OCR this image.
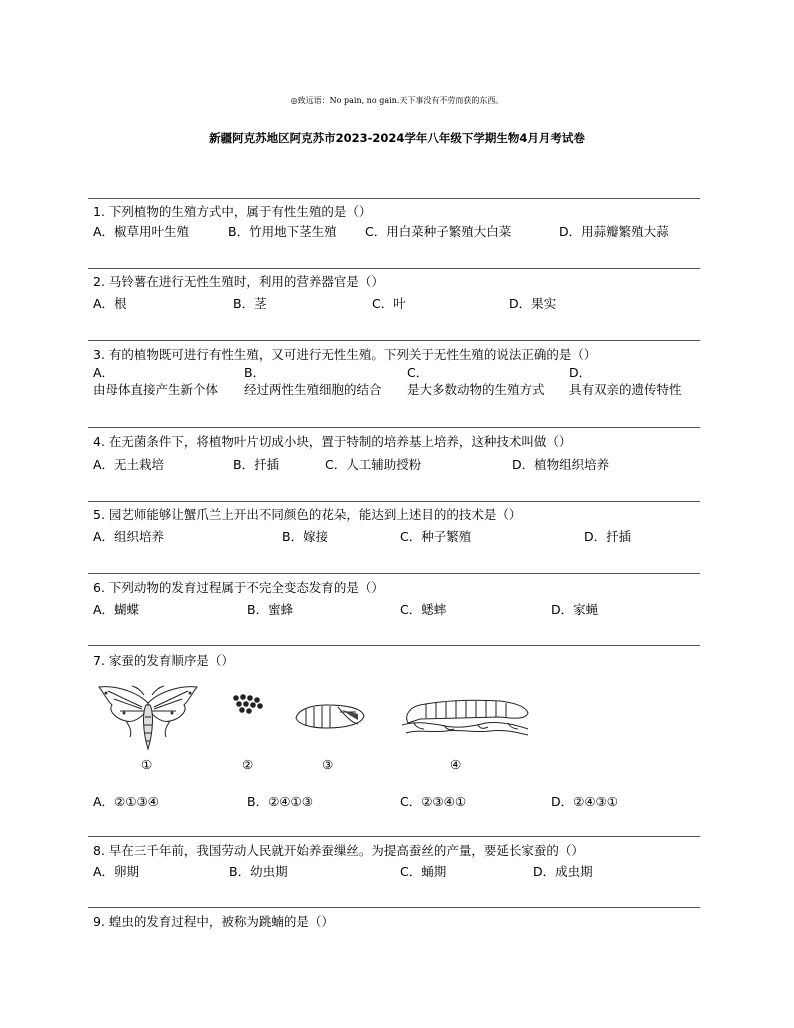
◎致远语：No pain, no gain.天下事没有不劳而获的东西。
新疆阿克苏地区阿克苏市2023-2024学年八年级下学期生物4月月考试卷
1. 下列植物的生殖方式中，属于有性生殖的是（）
A．椒草用叶生殖	B．竹用地下茎生殖 C．用白菜种子繁殖大白菜	D．用蒜瓣繁殖大蒜
2. 马铃薯在进行无性生殖时，利用的营养器官是（）
A．根	B．茎	C．叶	D．果实
3. 有的植物既可进行有性生殖，又可进行无性生殖。下列关于无性生殖的说法正确的是（）
A．
由母体直接产生新个体
B．
经过两性生殖细胞的结合
C．
是大多数动物的生殖方式
D．
具有双亲的遗传特性
4. 在无菌条件下，将植物叶片切成小块，置于特制的培养基上培养，这种技术叫做（）
A．无土栽培	B．扦插	C．人工辅助授粉	D．植物组织培养
5. 园艺师能够让蟹爪兰上开出不同颜色的花朵，能达到上述目的的技术是（）
A．组织培养	B．嫁接	C．种子繁殖	D．扦插
6. 下列动物的发育过程属于不完全变态发育的是（）
A．蝴蝶	B．蜜蜂	C．蟋蟀	D．家蝇
7. 家蚕的发育顺序是（）
①	②	③	④
A．②①③④	B．②④①③	C．②③④①	D．②④③①
8. 早在三千年前，我国劳动人民就开始养蚕缫丝。为提高蚕丝的产量，要延长家蚕的（）
A．卵期	B．幼虫期	C．蛹期	D．成虫期
9. 蝗虫的发育过程中，被称为跳蝻的是（）
